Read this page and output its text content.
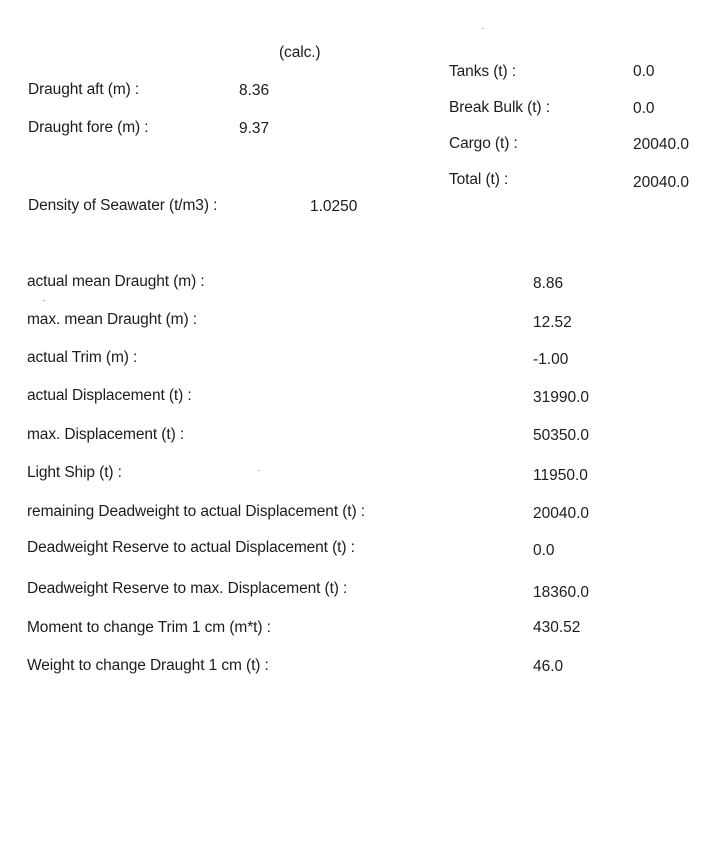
(calc.)
Draught aft (m) :	8.36
Draught fore (m) :	9.37
Tanks (t) :	0.0
Break Bulk (t) :	0.0
Cargo (t) :	20040.0
Total (t) :	20040.0
Density of Seawater (t/m3) :	1.0250
actual mean Draught (m) :	8.86
max. mean Draught (m) :	12.52
actual Trim (m) :	-1.00
actual Displacement (t) :	31990.0
max. Displacement (t) :	50350.0
Light Ship (t) :	11950.0
remaining Deadweight to actual Displacement (t) :	20040.0
Deadweight Reserve to actual Displacement (t) :	0.0
Deadweight Reserve to max. Displacement (t) :	18360.0
Moment to change Trim 1 cm (m*t) :	430.52
Weight to change Draught 1 cm (t) :	46.0
